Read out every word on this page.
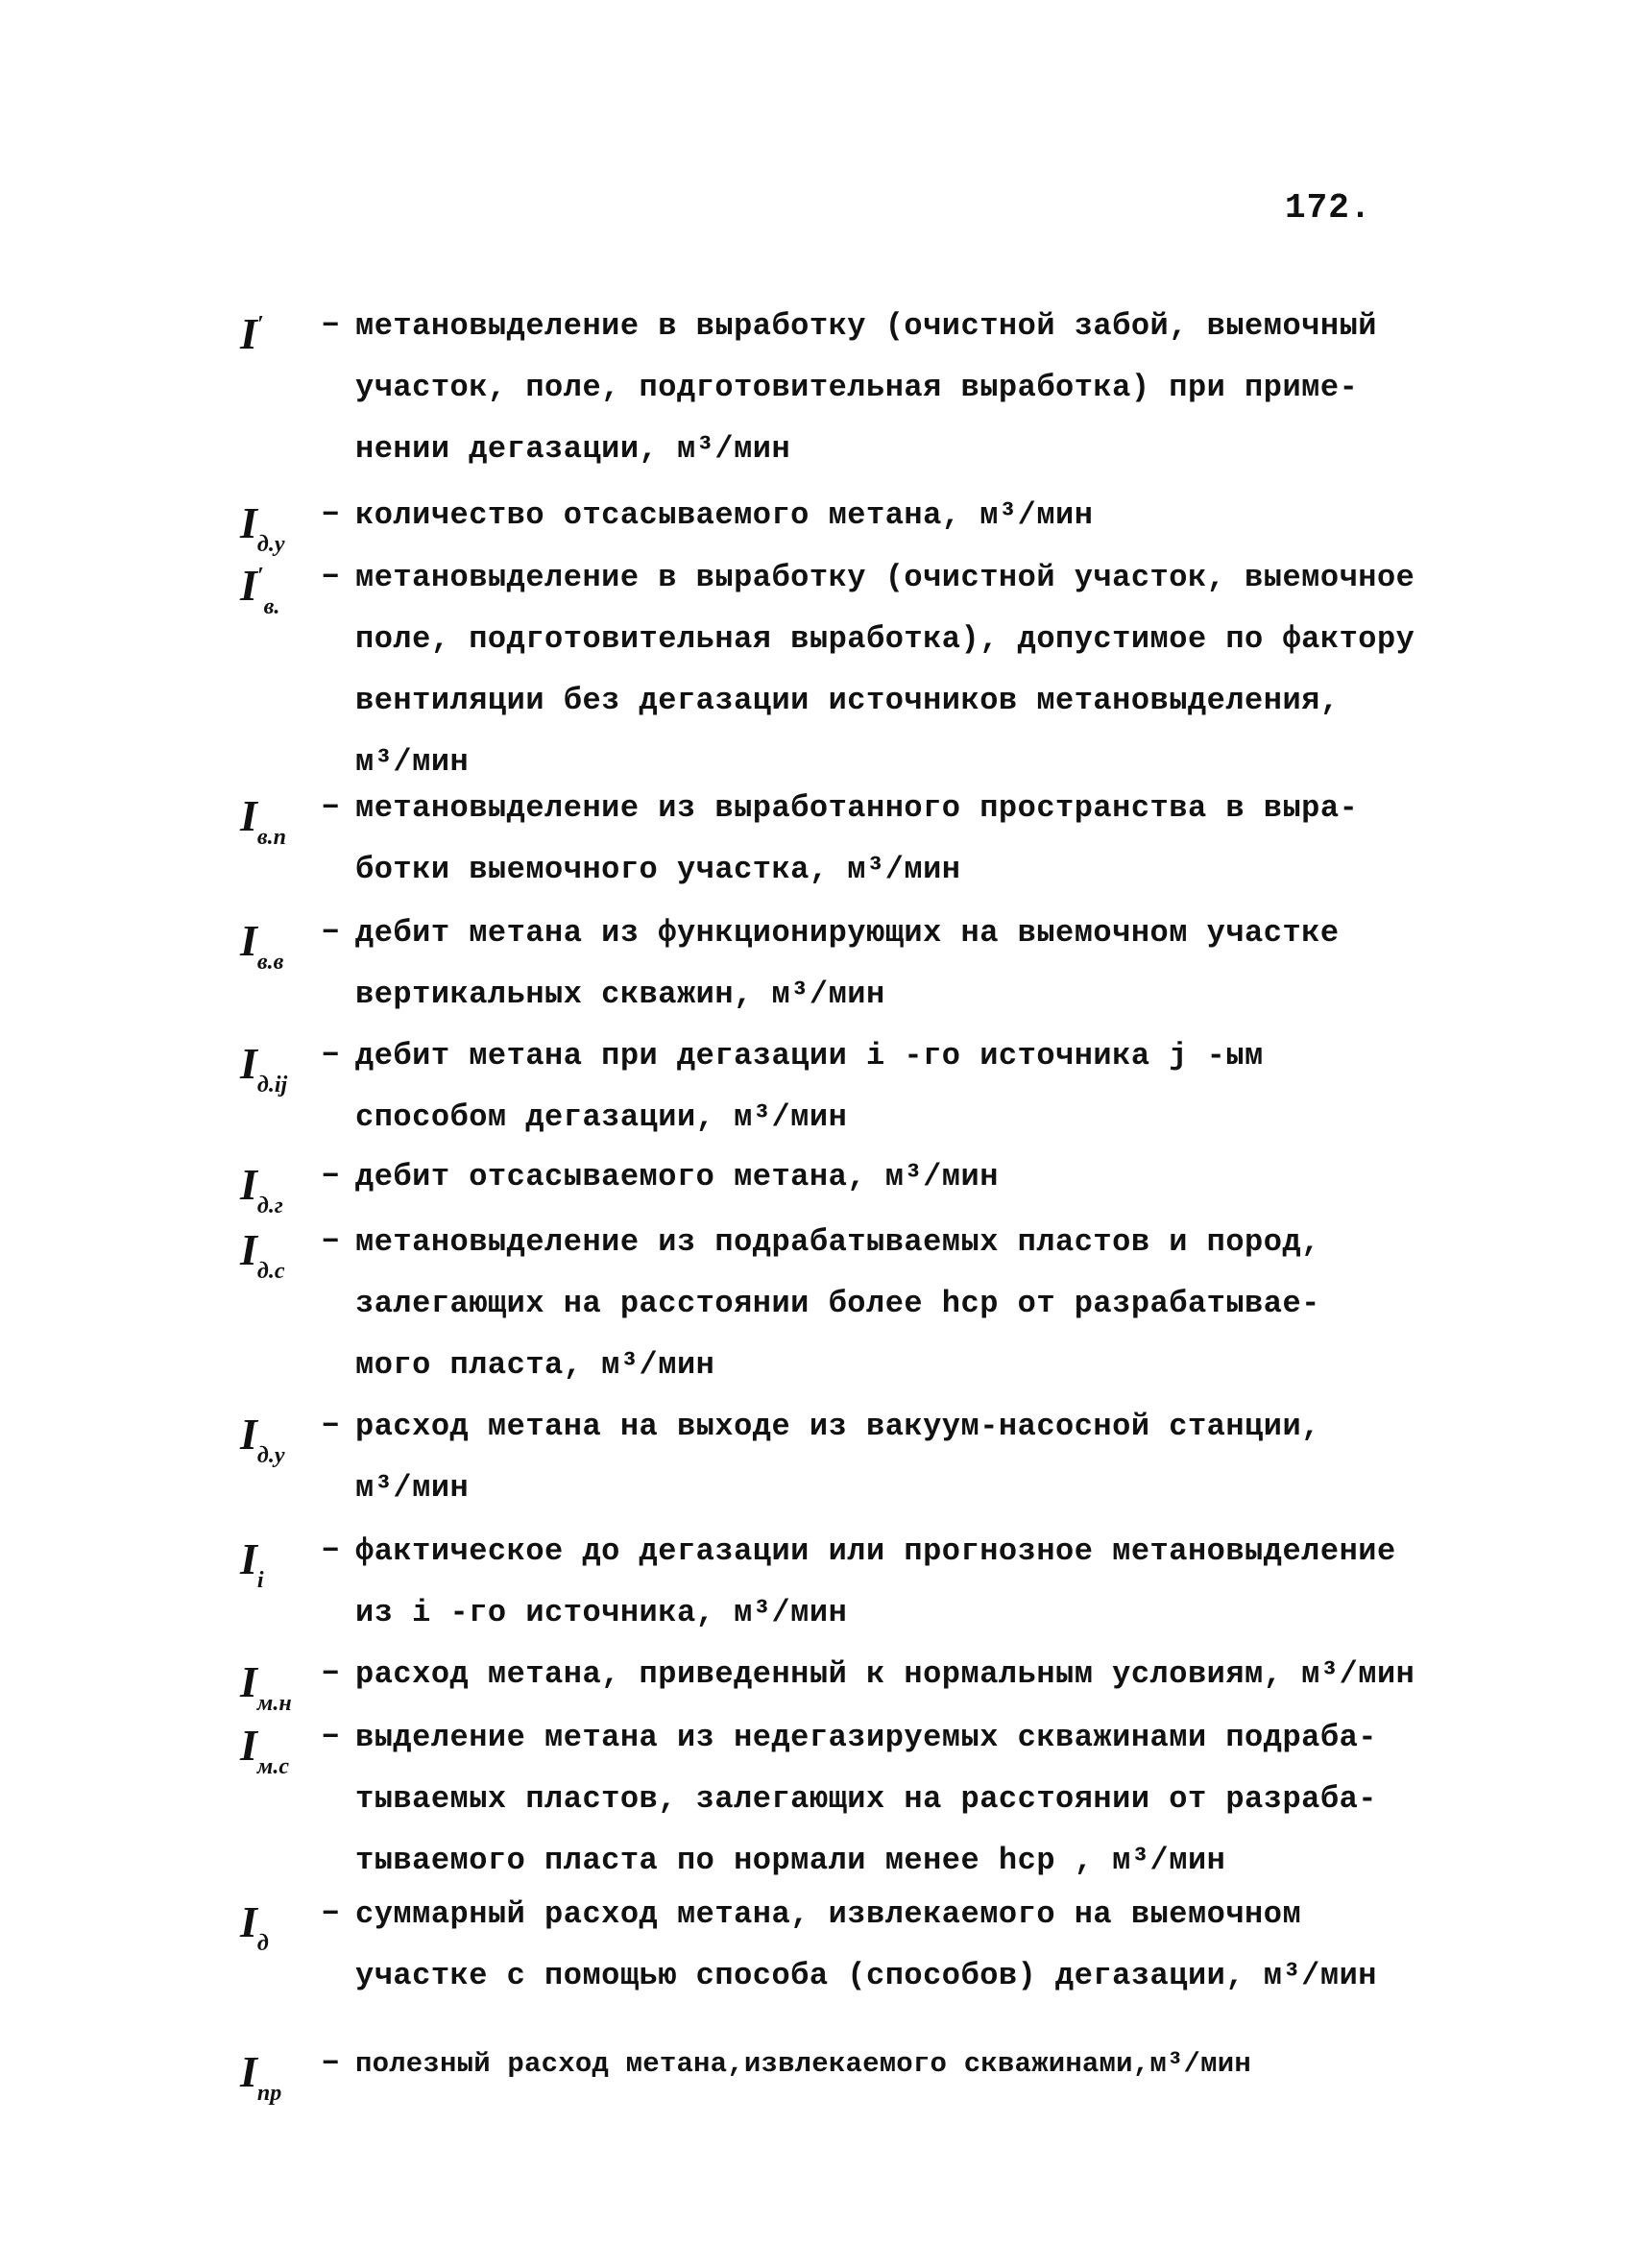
172.
I′	– метановыделение в выработку (очистной забой, выемочный
участок, поле, подготовительная выработка) при приме-
нении дегазации, м³/мин
$I_{д.у}$
– количество отсасываемого метана, м³/мин
$I'_{в.}$
– метановыделение в выработку (очистной участок, выемочное
поле, подготовительная выработка), допустимое по фактору
вентиляции без дегазации источников метановыделения,
м³/мин
$I_{в.п}$
– метановыделение из выработанного пространства в выра-
ботки выемочного участка, м³/мин
$I_{в.в}$
– дебит метана из функционирующих на выемочном участке
вертикальных скважин, м³/мин
$I_{д.ij}$
– дебит метана при дегазации i -го источника j -ым
способом дегазации, м³/мин
$I_{д.г}$
– дебит отсасываемого метана, м³/мин
$I_{д.с}$
– метановыделение из подрабатываемых пластов и пород,
залегающих на расстоянии более hср от разрабатывае-
мого пласта, м³/мин
$I_{д.у}$
– расход метана на выходе из вакуум-насосной станции,
м³/мин
$I_i$
– фактическое до дегазации или прогнозное метановыделение
из i -го источника, м³/мин
$I_{м.н}$
– расход метана, приведенный к нормальным условиям, м³/мин
$I_{м.с}$
– выделение метана из недегазируемых скважинами подраба-
тываемых пластов, залегающих на расстоянии от разраба-
тываемого пласта по нормали менее hср , м³/мин
$I_д$
– суммарный расход метана, извлекаемого на выемочном
участке с помощью способа (способов) дегазации, м³/мин
$I_{пр}$
– полезный расход метана,извлекаемого скважинами,м³/мин
